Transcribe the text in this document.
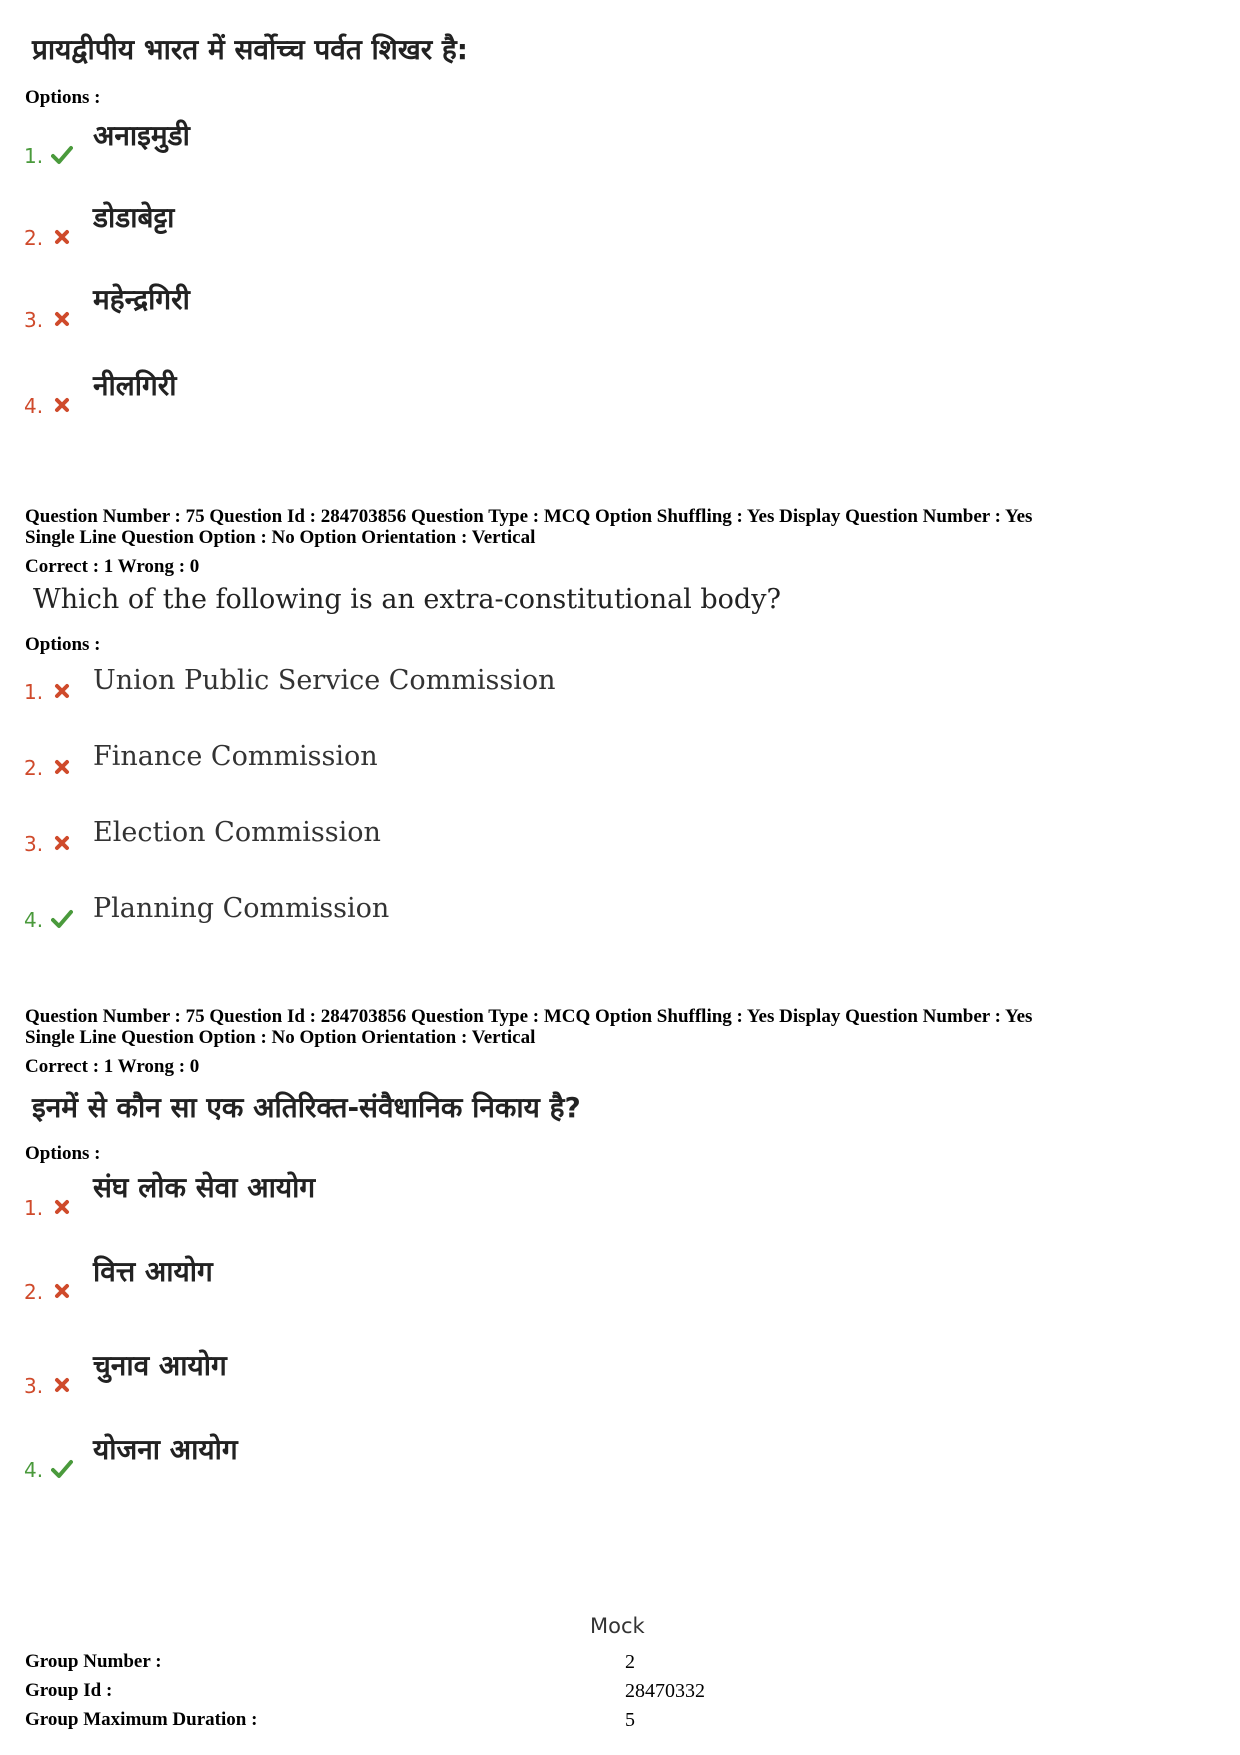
प्रायद्वीपीय भारत में सर्वोच्च पर्वत शिखर है:
Options :
1.
अनाइमुडी
2.
डोडाबेट्टा
3.
महेन्द्रगिरी
4.
नीलगिरी
Question Number : 75 Question Id : 284703856 Question Type : MCQ Option Shuffling : Yes Display Question Number : Yes
Single Line Question Option : No Option Orientation : Vertical
Correct : 1 Wrong : 0
Which of the following is an extra-constitutional body?
Options :
1. Union Public Service Commission
2. Finance Commission
3. Election Commission
4. Planning Commission
Question Number : 75 Question Id : 284703856 Question Type : MCQ Option Shuffling : Yes Display Question Number : Yes
Single Line Question Option : No Option Orientation : Vertical
Correct : 1 Wrong : 0
इनमें से कौन सा एक अतिरिक्त-संवैधानिक निकाय है?
Options :
1.
संघ लोक सेवा आयोग
2.
वित्त आयोग
3.
चुनाव आयोग
4.
योजना आयोग
Mock
Group Number :	2
Group Id :	28470332
Group Maximum Duration :	5
